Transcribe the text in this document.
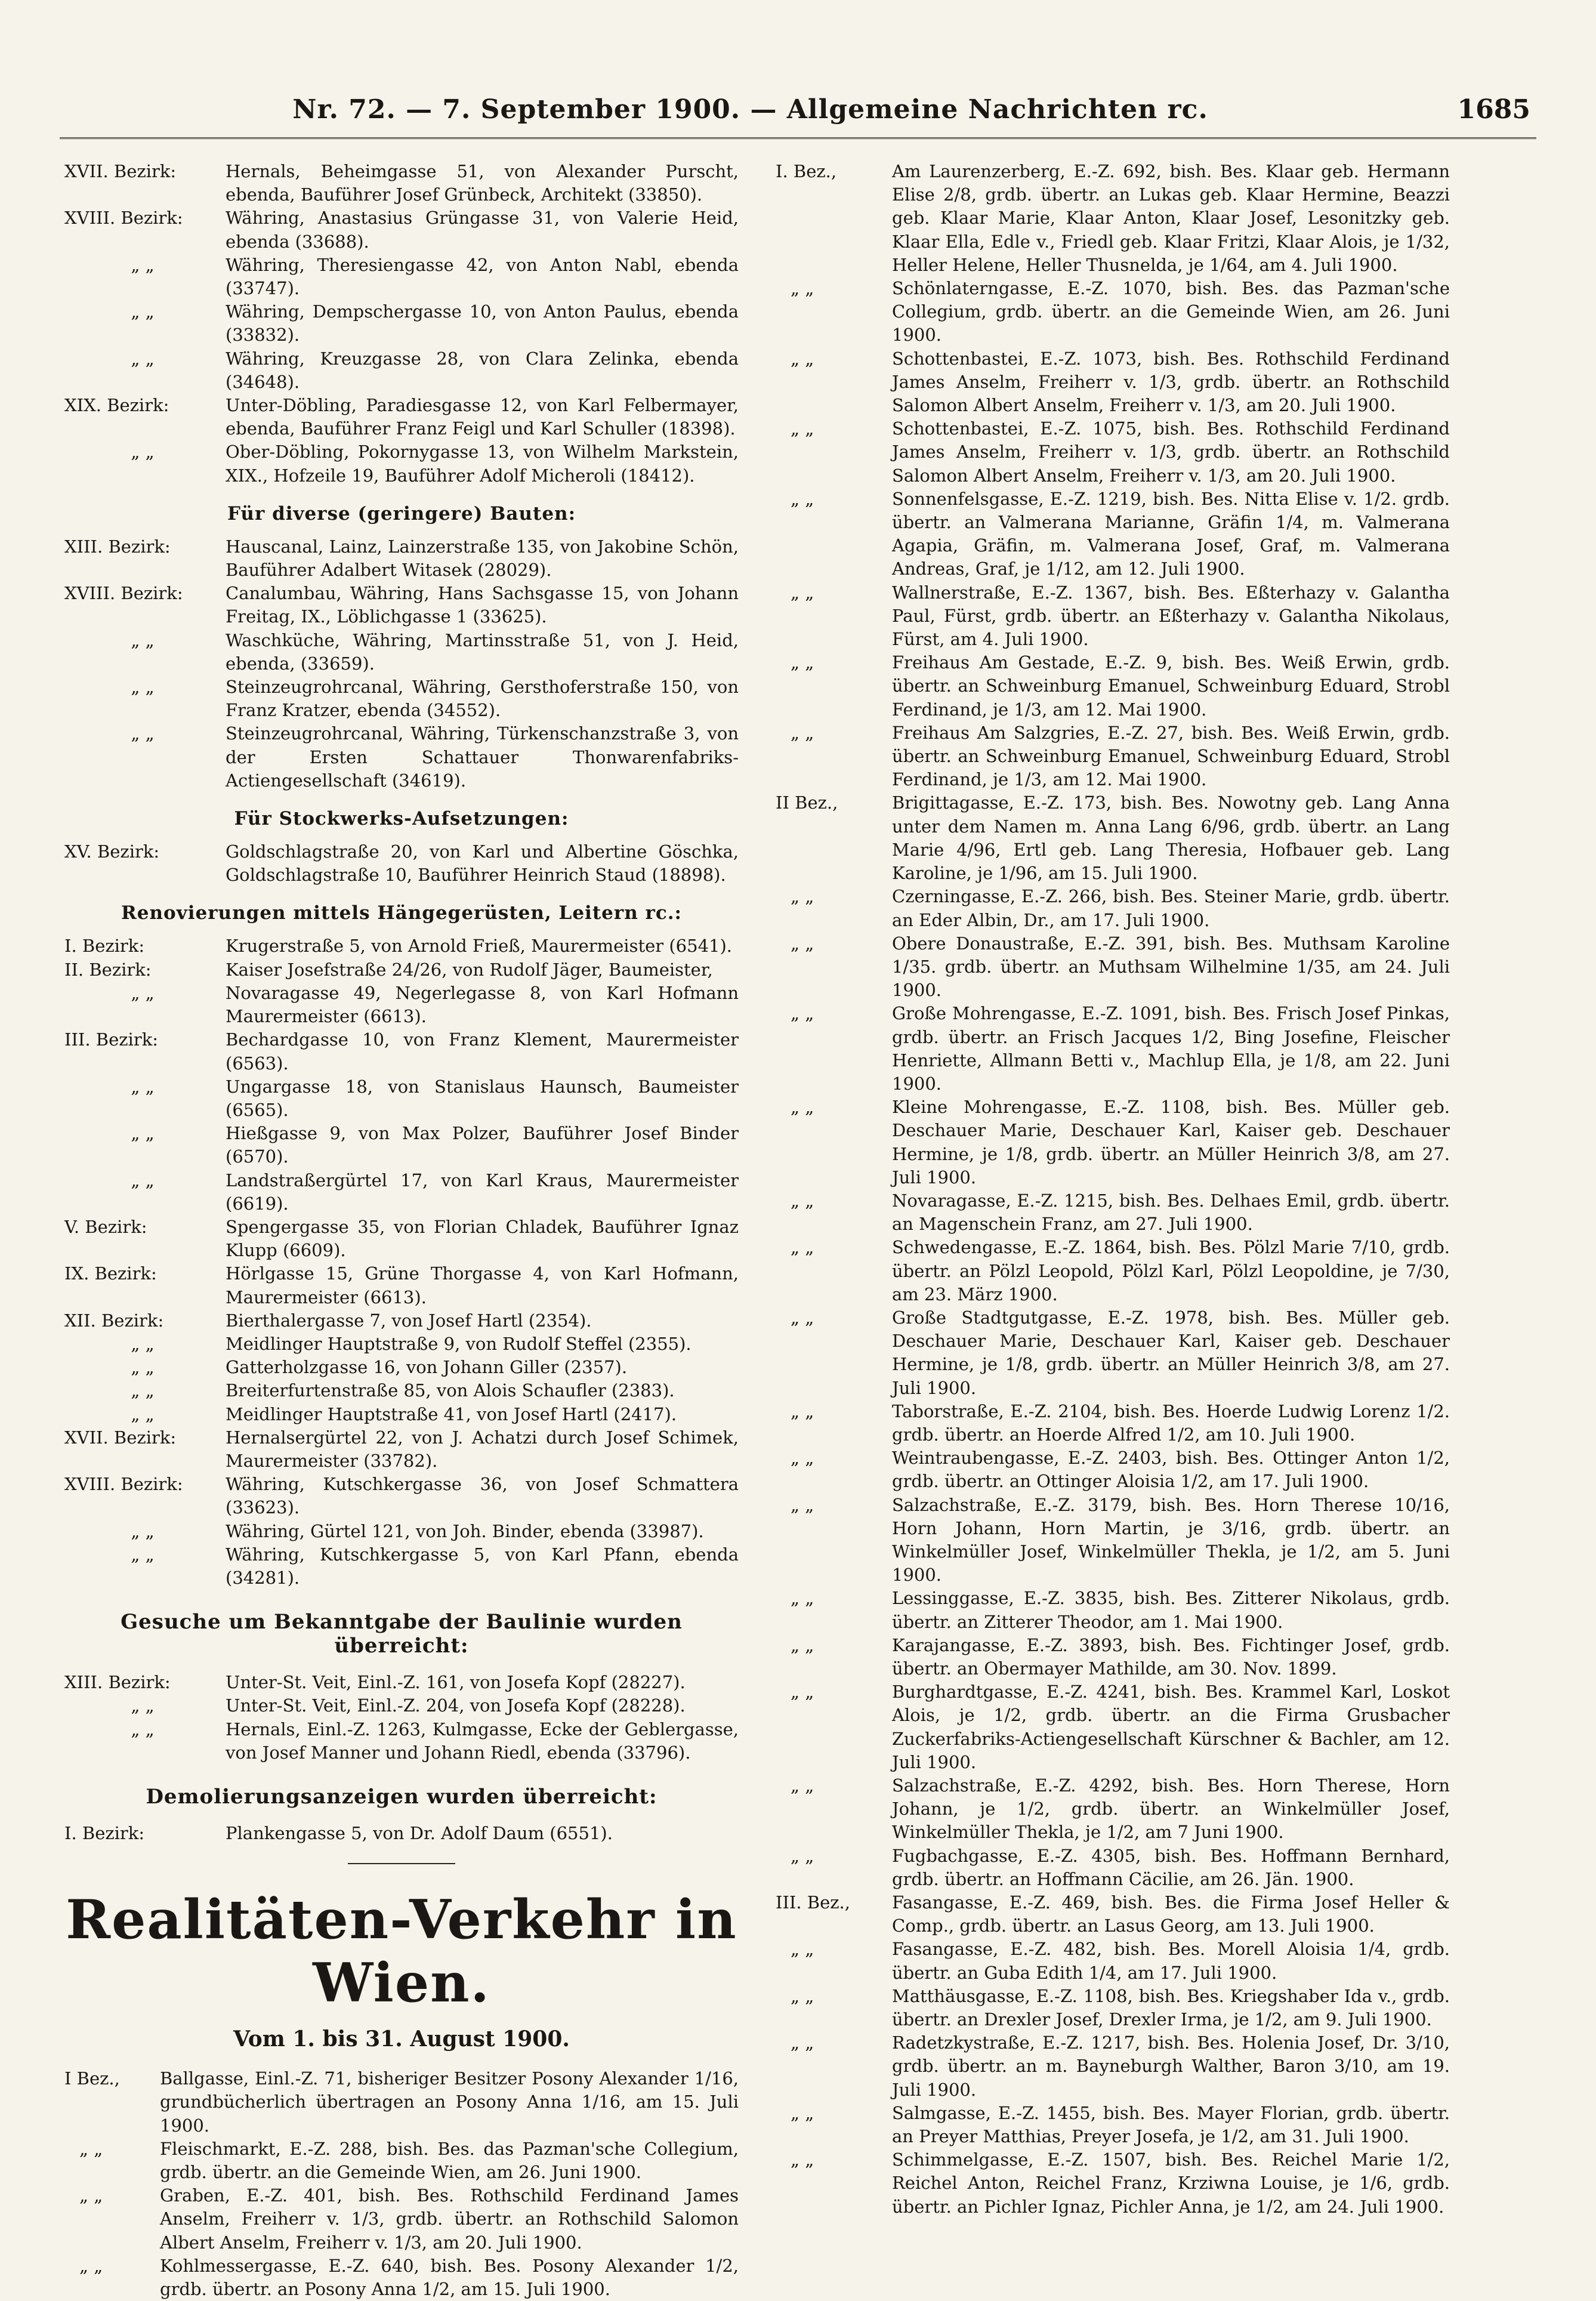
Nr. 72. — 7. September 1900. — Allgemeine Nachrichten rc.	1685
XVII. Bezirk:	Hernals, Beheimgasse 51, von Alexander Purscht, ebenda, Bauführer Josef Grünbeck, Architekt (33850).
XVIII. Bezirk:	Währing, Anastasius Grüngasse 31, von Valerie Heid, ebenda (33688).
„ „	Währing, Theresiengasse 42, von Anton Nabl, ebenda (33747).
„ „	Währing, Dempschergasse 10, von Anton Paulus, ebenda (33832).
„ „	Währing, Kreuzgasse 28, von Clara Zelinka, ebenda (34648).
XIX. Bezirk:	Unter-Döbling, Paradiesgasse 12, von Karl Felbermayer, ebenda, Bauführer Franz Feigl und Karl Schuller (18398).
„ „	Ober-Döbling, Pokornygasse 13, von Wilhelm Markstein, XIX., Hofzeile 19, Bauführer Adolf Micheroli (18412).
Für diverse (geringere) Bauten:
XIII. Bezirk:	Hauscanal, Lainz, Lainzerstraße 135, von Jakobine Schön, Bauführer Adalbert Witasek (28029).
XVIII. Bezirk:	Canalumbau, Währing, Hans Sachsgasse 15, von Johann Freitag, IX., Löblichgasse 1 (33625).
„ „	Waschküche, Währing, Martinsstraße 51, von J. Heid, ebenda, (33659).
„ „	Steinzeugrohrcanal, Währing, Gersthoferstraße 150, von Franz Kratzer, ebenda (34552).
„ „	Steinzeugrohrcanal, Währing, Türkenschanzstraße 3, von der Ersten Schattauer Thonwarenfabriks-Actiengesellschaft (34619).
Für Stockwerks-Aufsetzungen:
XV. Bezirk:	Goldschlagstraße 20, von Karl und Albertine Göschka, Goldschlagstraße 10, Bauführer Heinrich Staud (18898).
Renovierungen mittels Hängegerüsten, Leitern rc.:
I. Bezirk:	Krugerstraße 5, von Arnold Frieß, Maurermeister (6541).
II. Bezirk:	Kaiser Josefstraße 24/26, von Rudolf Jäger, Baumeister,
„ „	Novaragasse 49, Negerlegasse 8, von Karl Hofmann Maurermeister (6613).
III. Bezirk:	Bechardgasse 10, von Franz Klement, Maurermeister (6563).
„ „	Ungargasse 18, von Stanislaus Haunsch, Baumeister (6565).
„ „	Hießgasse 9, von Max Polzer, Bauführer Josef Binder (6570).
„ „	Landstraßergürtel 17, von Karl Kraus, Maurermeister (6619).
V. Bezirk:	Spengergasse 35, von Florian Chladek, Bauführer Ignaz Klupp (6609).
IX. Bezirk:	Hörlgasse 15, Grüne Thorgasse 4, von Karl Hofmann, Maurermeister (6613).
XII. Bezirk:	Bierthalergasse 7, von Josef Hartl (2354).
„ „	Meidlinger Hauptstraße 9, von Rudolf Steffel (2355).
„ „	Gatterholzgasse 16, von Johann Giller (2357).
„ „	Breiterfurtenstraße 85, von Alois Schaufler (2383).
„ „	Meidlinger Hauptstraße 41, von Josef Hartl (2417).
XVII. Bezirk:	Hernalsergürtel 22, von J. Achatzi durch Josef Schimek, Maurermeister (33782).
XVIII. Bezirk:	Währing, Kutschkergasse 36, von Josef Schmattera (33623).
„ „	Währing, Gürtel 121, von Joh. Binder, ebenda (33987).
„ „	Währing, Kutschkergasse 5, von Karl Pfann, ebenda (34281).
Gesuche um Bekanntgabe der Baulinie wurden überreicht:
XIII. Bezirk:	Unter-St. Veit, Einl.-Z. 161, von Josefa Kopf (28227).
„ „	Unter-St. Veit, Einl.-Z. 204, von Josefa Kopf (28228).
„ „	Hernals, Einl.-Z. 1263, Kulmgasse, Ecke der Geblergasse, von Josef Manner und Johann Riedl, ebenda (33796).
Demolierungsanzeigen wurden überreicht:
I. Bezirk:	Plankengasse 5, von Dr. Adolf Daum (6551).
Realitäten-Verkehr in Wien.
Vom 1. bis 31. August 1900.
I Bez.,	Ballgasse, Einl.-Z. 71, bisheriger Besitzer Posony Alexander 1/16, grundbücherlich übertragen an Posony Anna 1/16, am 15. Juli 1900.
„ „	Fleischmarkt, E.-Z. 288, bish. Bes. das Pazman'sche Collegium, grdb. übertr. an die Gemeinde Wien, am 26. Juni 1900.
„ „	Graben, E.-Z. 401, bish. Bes. Rothschild Ferdinand James Anselm, Freiherr v. 1/3, grdb. übertr. an Rothschild Salomon Albert Anselm, Freiherr v. 1/3, am 20. Juli 1900.
„ „	Kohlmessergasse, E.-Z. 640, bish. Bes. Posony Alexander 1/2, grdb. übertr. an Posony Anna 1/2, am 15. Juli 1900.
I. Bez.,	Am Laurenzerberg, E.-Z. 692, bish. Bes. Klaar geb. Hermann Elise 2/8, grdb. übertr. an Lukas geb. Klaar Hermine, Beazzi geb. Klaar Marie, Klaar Anton, Klaar Josef, Lesonitzky geb. Klaar Ella, Edle v., Friedl geb. Klaar Fritzi, Klaar Alois, je 1/32, Heller Helene, Heller Thusnelda, je 1/64, am 4. Juli 1900.
„ „	Schönlaterngasse, E.-Z. 1070, bish. Bes. das Pazman'sche Collegium, grdb. übertr. an die Gemeinde Wien, am 26. Juni 1900.
„ „	Schottenbastei, E.-Z. 1073, bish. Bes. Rothschild Ferdinand James Anselm, Freiherr v. 1/3, grdb. übertr. an Rothschild Salomon Albert Anselm, Freiherr v. 1/3, am 20. Juli 1900.
„ „	Schottenbastei, E.-Z. 1075, bish. Bes. Rothschild Ferdinand James Anselm, Freiherr v. 1/3, grdb. übertr. an Rothschild Salomon Albert Anselm, Freiherr v. 1/3, am 20. Juli 1900.
„ „	Sonnenfelsgasse, E.-Z. 1219, bish. Bes. Nitta Elise v. 1/2. grdb. übertr. an Valmerana Marianne, Gräfin 1/4, m. Valmerana Agapia, Gräfin, m. Valmerana Josef, Graf, m. Valmerana Andreas, Graf, je 1/12, am 12. Juli 1900.
„ „	Wallnerstraße, E.-Z. 1367, bish. Bes. Eßterhazy v. Galantha Paul, Fürst, grdb. übertr. an Eßterhazy v. Galantha Nikolaus, Fürst, am 4. Juli 1900.
„ „	Freihaus Am Gestade, E.-Z. 9, bish. Bes. Weiß Erwin, grdb. übertr. an Schweinburg Emanuel, Schweinburg Eduard, Strobl Ferdinand, je 1/3, am 12. Mai 1900.
„ „	Freihaus Am Salzgries, E.-Z. 27, bish. Bes. Weiß Erwin, grdb. übertr. an Schweinburg Emanuel, Schweinburg Eduard, Strobl Ferdinand, je 1/3, am 12. Mai 1900.
II Bez.,	Brigittagasse, E.-Z. 173, bish. Bes. Nowotny geb. Lang Anna unter dem Namen m. Anna Lang 6/96, grdb. übertr. an Lang Marie 4/96, Ertl geb. Lang Theresia, Hofbauer geb. Lang Karoline, je 1/96, am 15. Juli 1900.
„ „	Czerningasse, E.-Z. 266, bish. Bes. Steiner Marie, grdb. übertr. an Eder Albin, Dr., am 17. Juli 1900.
„ „	Obere Donaustraße, E.-Z. 391, bish. Bes. Muthsam Karoline 1/35. grdb. übertr. an Muthsam Wilhelmine 1/35, am 24. Juli 1900.
„ „	Große Mohrengasse, E.-Z. 1091, bish. Bes. Frisch Josef Pinkas, grdb. übertr. an Frisch Jacques 1/2, Bing Josefine, Fleischer Henriette, Allmann Betti v., Machlup Ella, je 1/8, am 22. Juni 1900.
„ „	Kleine Mohrengasse, E.-Z. 1108, bish. Bes. Müller geb. Deschauer Marie, Deschauer Karl, Kaiser geb. Deschauer Hermine, je 1/8, grdb. übertr. an Müller Heinrich 3/8, am 27. Juli 1900.
„ „	Novaragasse, E.-Z. 1215, bish. Bes. Delhaes Emil, grdb. übertr. an Magenschein Franz, am 27. Juli 1900.
„ „	Schwedengasse, E.-Z. 1864, bish. Bes. Pölzl Marie 7/10, grdb. übertr. an Pölzl Leopold, Pölzl Karl, Pölzl Leopoldine, je 7/30, am 23. März 1900.
„ „	Große Stadtgutgasse, E.-Z. 1978, bish. Bes. Müller geb. Deschauer Marie, Deschauer Karl, Kaiser geb. Deschauer Hermine, je 1/8, grdb. übertr. an Müller Heinrich 3/8, am 27. Juli 1900.
„ „	Taborstraße, E.-Z. 2104, bish. Bes. Hoerde Ludwig Lorenz 1/2. grdb. übertr. an Hoerde Alfred 1/2, am 10. Juli 1900.
„ „	Weintraubengasse, E.-Z. 2403, bish. Bes. Ottinger Anton 1/2, grdb. übertr. an Ottinger Aloisia 1/2, am 17. Juli 1900.
„ „	Salzachstraße, E.-Z. 3179, bish. Bes. Horn Therese 10/16, Horn Johann, Horn Martin, je 3/16, grdb. übertr. an Winkelmüller Josef, Winkelmüller Thekla, je 1/2, am 5. Juni 1900.
„ „	Lessinggasse, E.-Z. 3835, bish. Bes. Zitterer Nikolaus, grdb. übertr. an Zitterer Theodor, am 1. Mai 1900.
„ „	Karajangasse, E.-Z. 3893, bish. Bes. Fichtinger Josef, grdb. übertr. an Obermayer Mathilde, am 30. Nov. 1899.
„ „	Burghardtgasse, E.-Z. 4241, bish. Bes. Krammel Karl, Loskot Alois, je 1/2, grdb. übertr. an die Firma Grusbacher Zuckerfabriks-Actiengesellschaft Kürschner & Bachler, am 12. Juli 1900.
„ „	Salzachstraße, E.-Z. 4292, bish. Bes. Horn Therese, Horn Johann, je 1/2, grdb. übertr. an Winkelmüller Josef, Winkelmüller Thekla, je 1/2, am 7 Juni 1900.
„ „	Fugbachgasse, E.-Z. 4305, bish. Bes. Hoffmann Bernhard, grdb. übertr. an Hoffmann Cäcilie, am 26. Jän. 1900.
III. Bez.,	Fasangasse, E.-Z. 469, bish. Bes. die Firma Josef Heller & Comp., grdb. übertr. an Lasus Georg, am 13. Juli 1900.
„ „	Fasangasse, E.-Z. 482, bish. Bes. Morell Aloisia 1/4, grdb. übertr. an Guba Edith 1/4, am 17. Juli 1900.
„ „	Matthäusgasse, E.-Z. 1108, bish. Bes. Kriegshaber Ida v., grdb. übertr. an Drexler Josef, Drexler Irma, je 1/2, am 9. Juli 1900.
„ „	Radetzkystraße, E.-Z. 1217, bish. Bes. Holenia Josef, Dr. 3/10, grdb. übertr. an m. Bayneburgh Walther, Baron 3/10, am 19. Juli 1900.
„ „	Salmgasse, E.-Z. 1455, bish. Bes. Mayer Florian, grdb. übertr. an Preyer Matthias, Preyer Josefa, je 1/2, am 31. Juli 1900.
„ „	Schimmelgasse, E.-Z. 1507, bish. Bes. Reichel Marie 1/2, Reichel Anton, Reichel Franz, Krziwna Louise, je 1/6, grdb. übertr. an Pichler Ignaz, Pichler Anna, je 1/2, am 24. Juli 1900.
